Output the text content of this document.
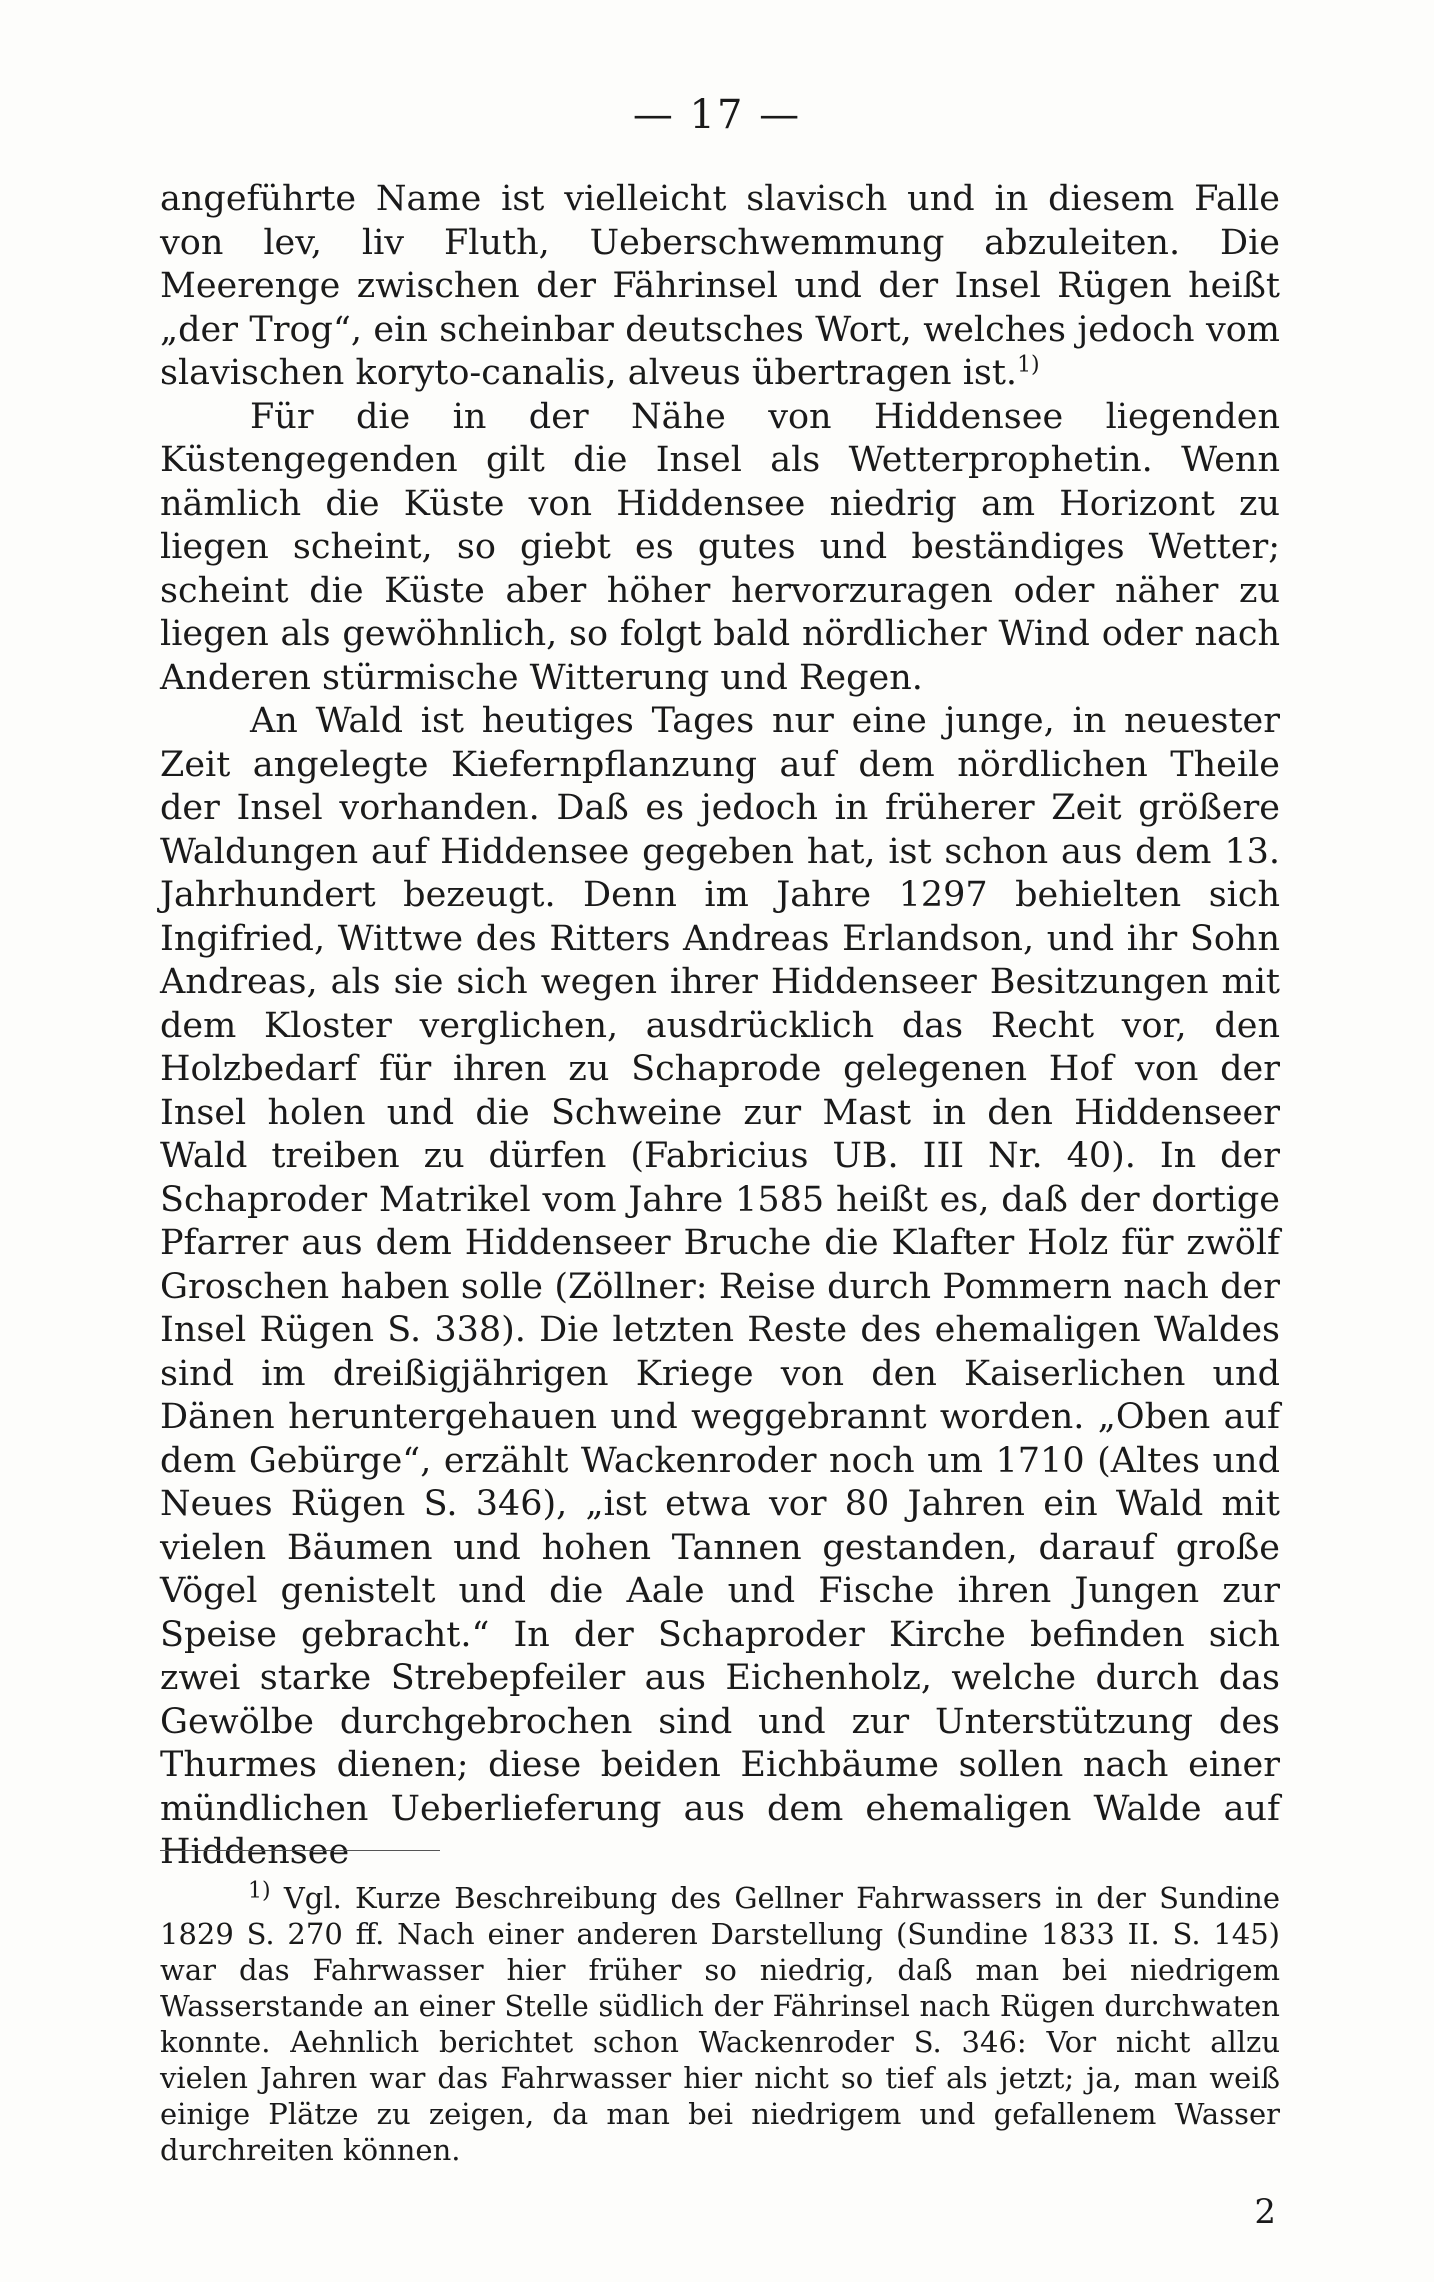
— 17 —

angeführte Name ist vielleicht slavisch und in diesem Falle von lev, liv Fluth, Ueberschwemmung abzuleiten. Die Meerenge zwischen der Fährinsel und der Insel Rügen heißt „der Trog“, ein scheinbar deutsches Wort, welches jedoch vom slavischen koryto-canalis, alveus übertragen ist.$^{1)}$

Für die in der Nähe von Hiddensee liegenden Küstengegenden gilt die Insel als Wetterprophetin. Wenn nämlich die Küste von Hiddensee niedrig am Horizont zu liegen scheint, so giebt es gutes und beständiges Wetter; scheint die Küste aber höher hervorzuragen oder näher zu liegen als gewöhnlich, so folgt bald nördlicher Wind oder nach Anderen stürmische Witterung und Regen.

An Wald ist heutiges Tages nur eine junge, in neuester Zeit angelegte Kiefernpflanzung auf dem nördlichen Theile der Insel vorhanden. Daß es jedoch in früherer Zeit größere Waldungen auf Hiddensee gegeben hat, ist schon aus dem 13. Jahrhundert bezeugt. Denn im Jahre 1297 behielten sich Ingifried, Wittwe des Ritters Andreas Erlandson, und ihr Sohn Andreas, als sie sich wegen ihrer Hiddenseer Besitzungen mit dem Kloster verglichen, ausdrücklich das Recht vor, den Holzbedarf für ihren zu Schaprode gelegenen Hof von der Insel holen und die Schweine zur Mast in den Hiddenseer Wald treiben zu dürfen (Fabricius UB. III Nr. 40). In der Schaproder Matrikel vom Jahre 1585 heißt es, daß der dortige Pfarrer aus dem Hiddenseer Bruche die Klafter Holz für zwölf Groschen haben solle (Zöllner: Reise durch Pommern nach der Insel Rügen S. 338). Die letzten Reste des ehemaligen Waldes sind im dreißigjährigen Kriege von den Kaiserlichen und Dänen heruntergehauen und weggebrannt worden. „Oben auf dem Gebürge“, erzählt Wackenroder noch um 1710 (Altes und Neues Rügen S. 346), „ist etwa vor 80 Jahren ein Wald mit vielen Bäumen und hohen Tannen gestanden, darauf große Vögel genistelt und die Aale und Fische ihren Jungen zur Speise gebracht.“ In der Schaproder Kirche befinden sich zwei starke Strebepfeiler aus Eichenholz, welche durch das Gewölbe durchgebrochen sind und zur Unterstützung des Thurmes dienen; diese beiden Eichbäume sollen nach einer mündlichen Ueberlieferung aus dem ehemaligen Walde auf Hiddensee

$^{1)}$ Vgl. Kurze Beschreibung des Gellner Fahrwassers in der Sundine 1829 S. 270 ff. Nach einer anderen Darstellung (Sundine 1833 II. S. 145) war das Fahrwasser hier früher so niedrig, daß man bei niedrigem Wasserstande an einer Stelle südlich der Fährinsel nach Rügen durchwaten konnte. Aehnlich berichtet schon Wackenroder S. 346: Vor nicht allzu vielen Jahren war das Fahrwasser hier nicht so tief als jetzt; ja, man weiß einige Plätze zu zeigen, da man bei niedrigem und gefallenem Wasser durchreiten können.

2
